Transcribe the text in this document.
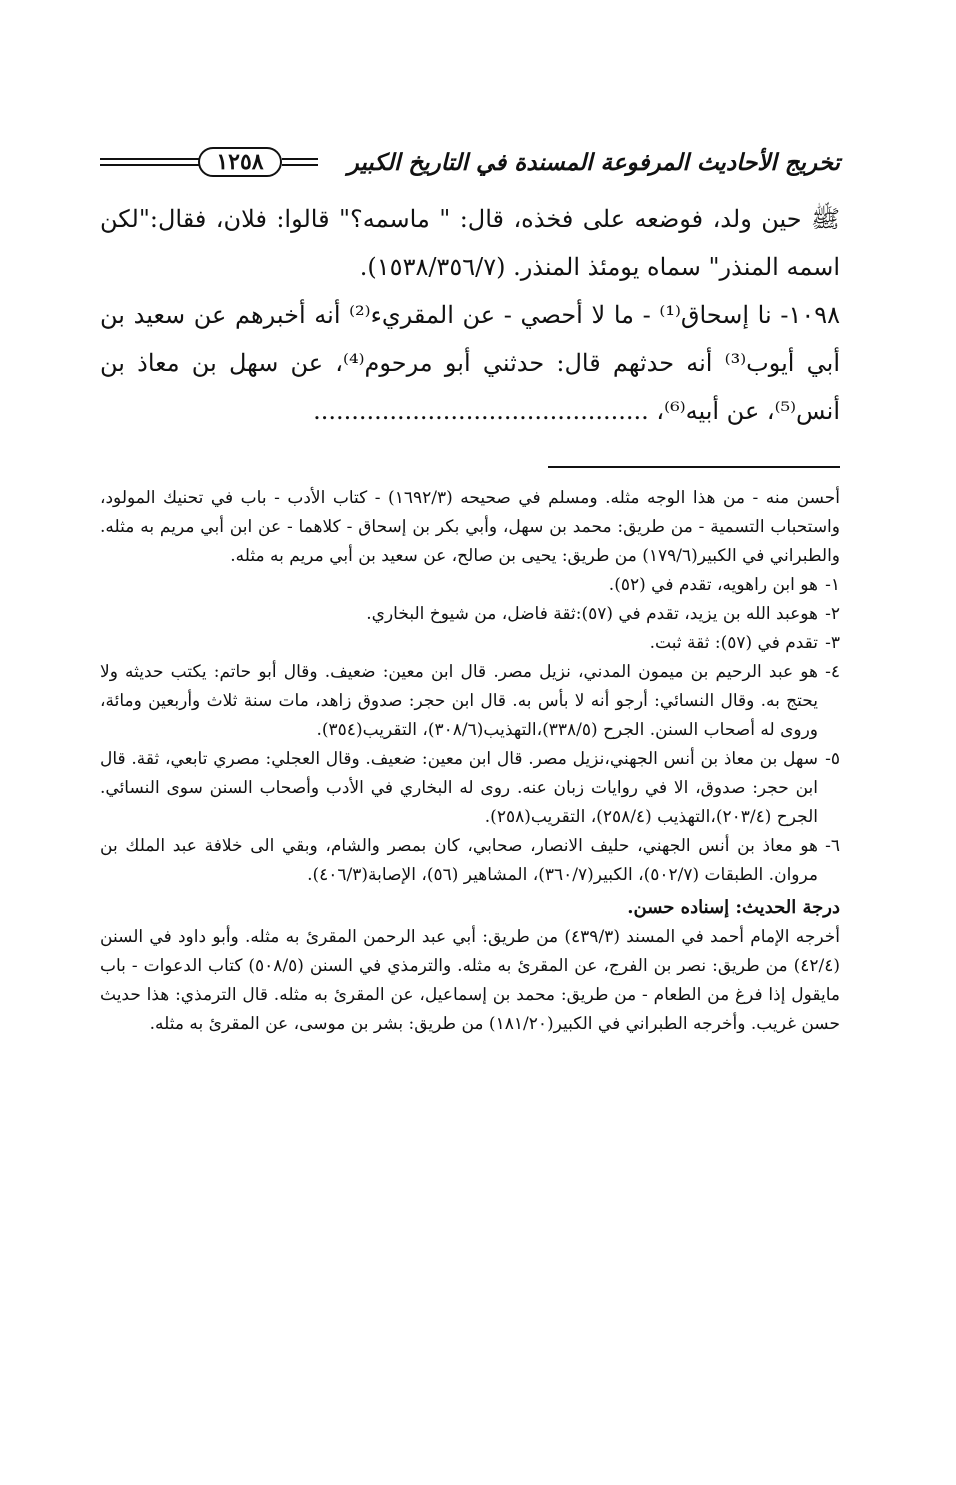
١٢٥٨	تخريج الأحاديث المرفوعة المسندة في التاريخ الكبير

ﷺ حين ولد، فوضعه على فخذه، قال: " ماسمه؟" قالوا: فلان، فقال:"لكن اسمه المنذر" سماه يومئذ المنذر. (١٥٣٨/٣٥٦/٧).

١٠٩٨- نا إسحاق⁽¹⁾ - ما لا أحصي - عن المقريء⁽²⁾ أنه أخبرهم عن سعيد بن أبي أيوب⁽³⁾ أنه حدثهم قال: حدثني أبو مرحوم⁽⁴⁾، عن سهل بن معاذ بن أنس⁽⁵⁾، عن أبيه⁽⁶⁾، ............................................

أحسن منه - من هذا الوجه مثله. ومسلم في صحيحه (١٦٩٢/٣) - كتاب الأدب - باب في تحنيك المولود، واستحباب التسمية - من طريق: محمد بن سهل، وأبي بكر بن إسحاق - كلاهما - عن ابن أبي مريم به مثله. والطبراني في الكبير(١٧٩/٦) من طريق: يحيى بن صالح، عن سعيد بن أبي مريم به مثله.

١-
هو ابن راهويه، تقدم في (٥٢).
٢-
هوعبد الله بن يزيد، تقدم في (٥٧):ثقة فاضل، من شيوخ البخاري.
٣-
تقدم في (٥٧): ثقة ثبت.
٤-
هو عبد الرحيم بن ميمون المدني، نزيل مصر. قال ابن معين: ضعيف. وقال أبو حاتم: يكتب حديثه ولا يحتج به. وقال النسائي: أرجو أنه لا بأس به. قال ابن حجر: صدوق زاهد، مات سنة ثلاث وأربعين ومائة، وروى له أصحاب السنن. الجرح (٣٣٨/٥)،التهذيب(٣٠٨/٦)، التقريب(٣٥٤).
٥-
سهل بن معاذ بن أنس الجهني،نزيل مصر. قال ابن معين: ضعيف. وقال العجلي: مصري تابعي، ثقة. قال ابن حجر: صدوق، الا في روايات زبان عنه. روى له البخاري في الأدب وأصحاب السنن سوى النسائي. الجرح (٢٠٣/٤)،التهذيب (٢٥٨/٤)، التقريب(٢٥٨).
٦-
هو معاذ بن أنس الجهني، حليف الانصار، صحابي، كان بمصر والشام، وبقي الى خلافة عبد الملك بن مروان. الطبقات (٥٠٢/٧)، الكبير(٣٦٠/٧)، المشاهير (٥٦)، الإصابة(٤٠٦/٣).

درجة الحديث: إسناده حسن.

أخرجه الإمام أحمد في المسند (٤٣٩/٣) من طريق: أبي عبد الرحمن المقرئ به مثله. وأبو داود في السنن (٤٢/٤) من طريق: نصر بن الفرج، عن المقرئ به مثله. والترمذي في السنن (٥٠٨/٥) كتاب الدعوات - باب مايقول إذا فرغ من الطعام - من طريق: محمد بن إسماعيل، عن المقرئ به مثله. قال الترمذي: هذا حديث حسن غريب. وأخرجه الطبراني في الكبير(١٨١/٢٠) من طريق: بشر بن موسى، عن المقرئ به مثله.
